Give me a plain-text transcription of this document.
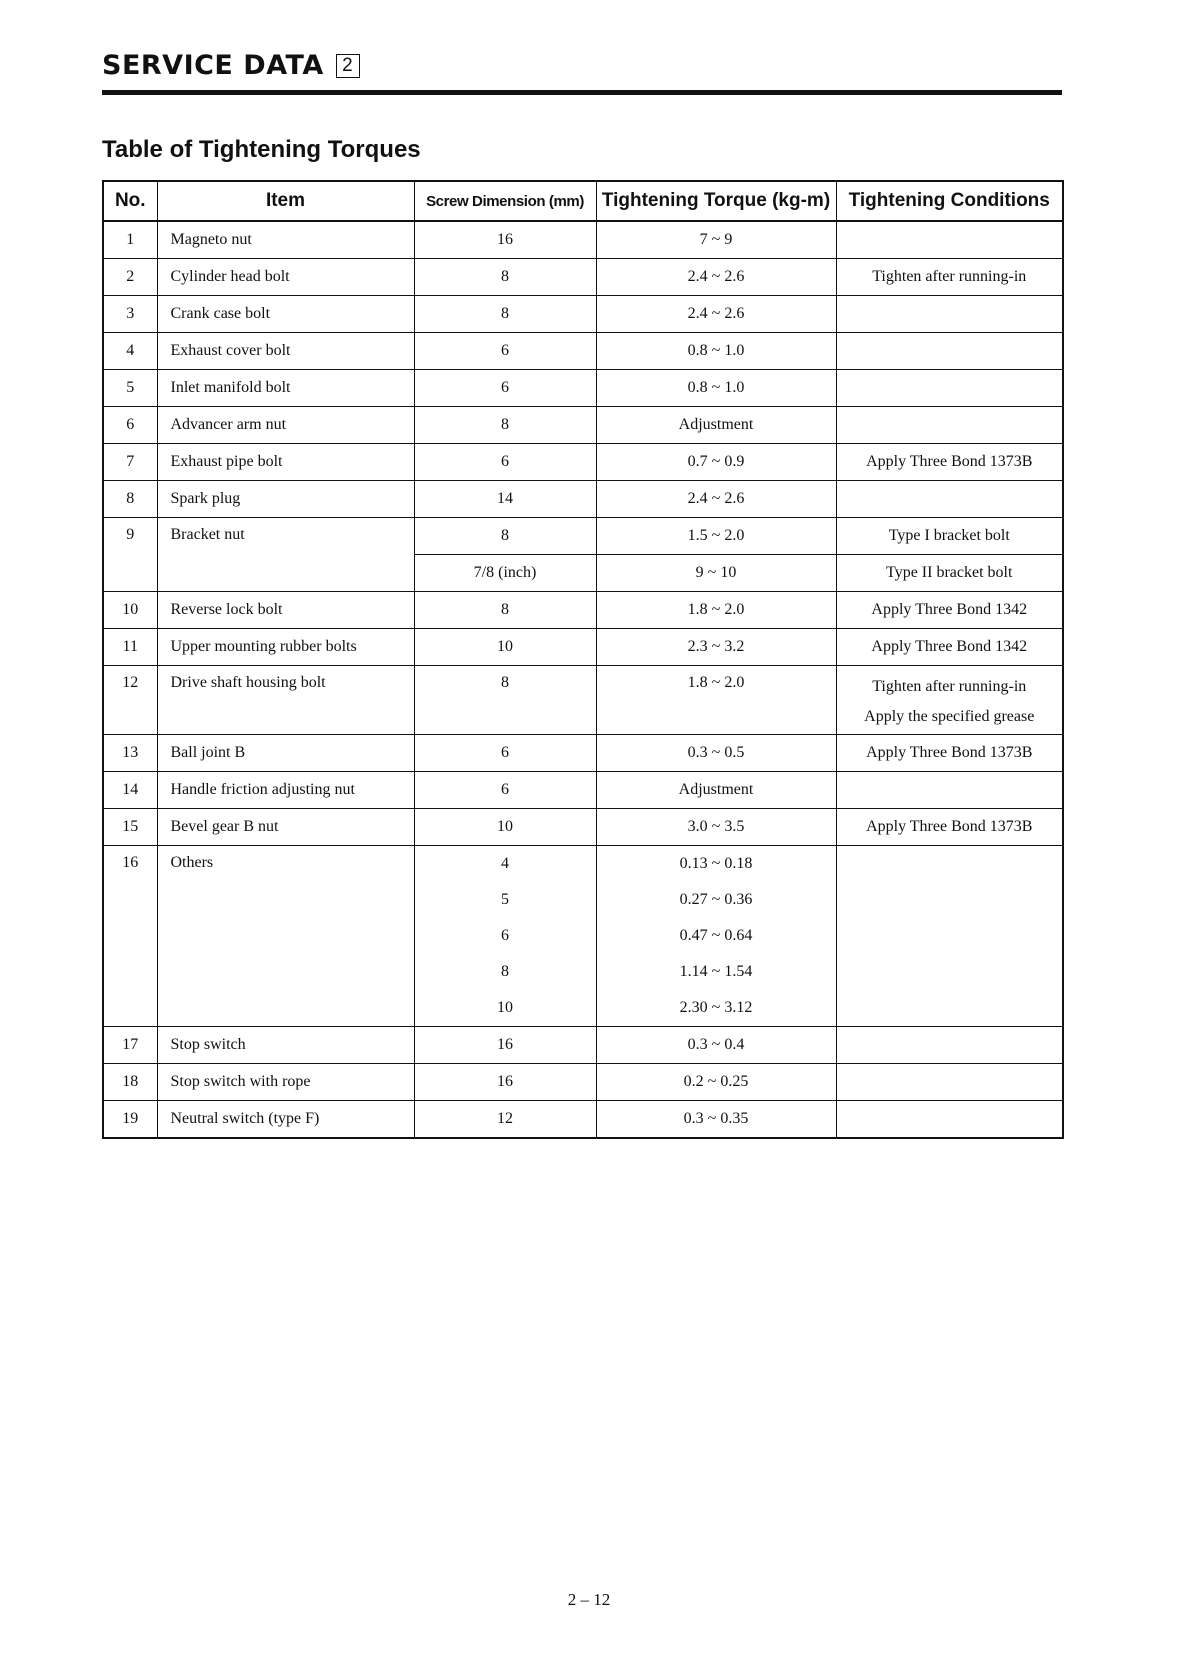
SERVICE DATA 2
Table of Tightening Torques
No.	Item	Screw Dimension (mm)	Tightening Torque (kg-m)	Tightening Conditions
1	Magneto nut	16	7 ~ 9	
2	Cylinder head bolt	8	2.4 ~ 2.6	Tighten after running-in
3	Crank case bolt	8	2.4 ~ 2.6	
4	Exhaust cover bolt	6	0.8 ~ 1.0	
5	Inlet manifold bolt	6	0.8 ~ 1.0	
6	Advancer arm nut	8	Adjustment	
7	Exhaust pipe bolt	6	0.7 ~ 0.9	Apply Three Bond 1373B
8	Spark plug	14	2.4 ~ 2.6	
9	Bracket nut	8	1.5 ~ 2.0	Type I bracket bolt
		7/8 (inch)	9 ~ 10	Type II bracket bolt
10	Reverse lock bolt	8	1.8 ~ 2.0	Apply Three Bond 1342
11	Upper mounting rubber bolts	10	2.3 ~ 3.2	Apply Three Bond 1342
12	Drive shaft housing bolt	8	1.8 ~ 2.0	Tighten after running-in
Apply the specified grease

13	Ball joint B	6	0.3 ~ 0.5	Apply Three Bond 1373B
14	Handle friction adjusting nut	6	Adjustment	
15	Bevel gear B nut	10	3.0 ~ 3.5	Apply Three Bond 1373B
16	Others	4	0.13 ~ 0.18	
		5	0.27 ~ 0.36	
		6	0.47 ~ 0.64	
		8	1.14 ~ 1.54	
		10	2.30 ~ 3.12	
17	Stop switch	16	0.3 ~ 0.4	
18	Stop switch with rope	16	0.2 ~ 0.25	
19	Neutral switch (type F)	12	0.3 ~ 0.35	
2 – 12
